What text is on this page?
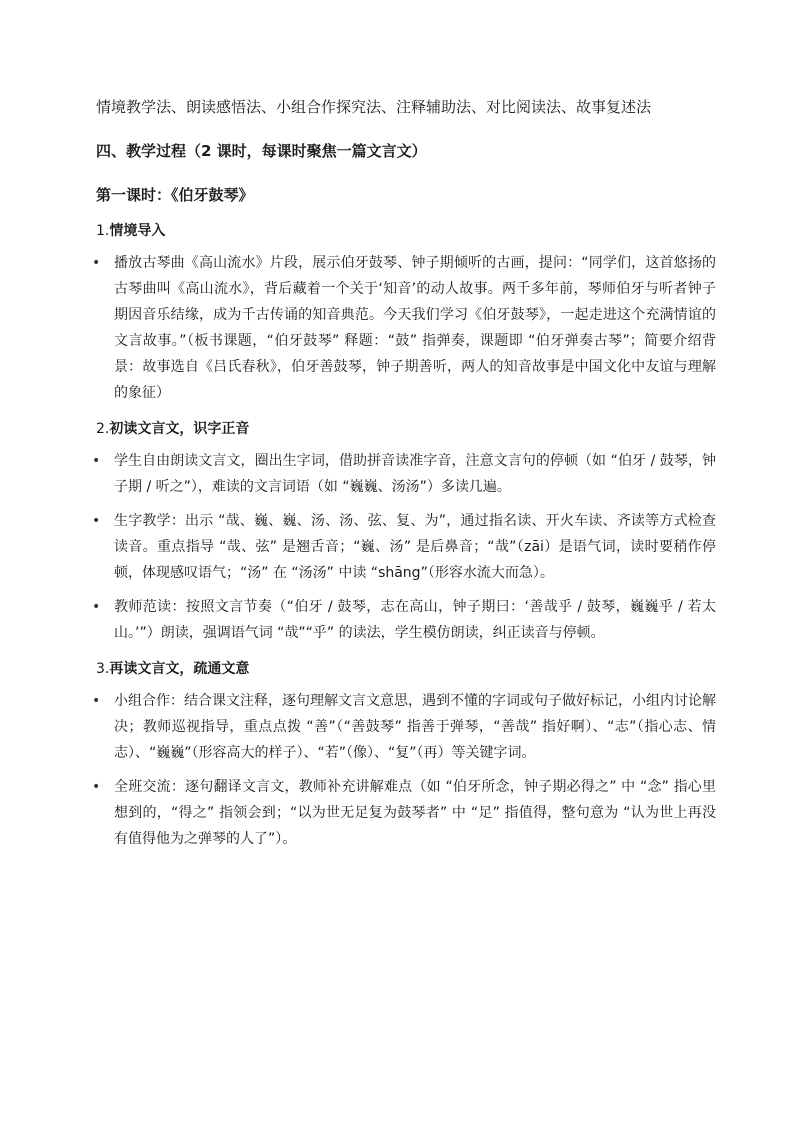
情境教学法、朗读感悟法、小组合作探究法、注释辅助法、对比阅读法、故事复述法

四、教学过程（2 课时，每课时聚焦一篇文言文）

第一课时：《伯牙鼓琴》

1.情境导入
• 播放古琴曲《高山流水》片段，展示伯牙鼓琴、钟子期倾听的古画，提问：“同学们，这首悠扬的古琴曲叫《高山流水》，背后藏着一个关于‘知音’的动人故事。两千多年前，琴师伯牙与听者钟子期因音乐结缘，成为千古传诵的知音典范。今天我们学习《伯牙鼓琴》，一起走进这个充满情谊的文言故事。”（板书课题，“伯牙鼓琴” 释题：“鼓” 指弹奏，课题即 “伯牙弹奏古琴”；简要介绍背景：故事选自《吕氏春秋》，伯牙善鼓琴，钟子期善听，两人的知音故事是中国文化中友谊与理解的象征）
2.初读文言文，识字正音
• 学生自由朗读文言文，圈出生字词，借助拼音读准字音，注意文言句的停顿（如 “伯牙 / 鼓琴，钟子期 / 听之”），难读的文言词语（如 “巍巍、汤汤”）多读几遍。
• 生字教学：出示 “哉、巍、巍、汤、汤、弦、复、为”，通过指名读、开火车读、齐读等方式检查读音。重点指导 “哉、弦” 是翘舌音；“巍、汤” 是后鼻音；“哉”（zāi）是语气词，读时要稍作停顿，体现感叹语气；“汤” 在 “汤汤” 中读 “shāng”（形容水流大而急）。
• 教师范读：按照文言节奏（“伯牙 / 鼓琴，志在高山，钟子期曰：‘善哉乎 / 鼓琴，巍巍乎 / 若太山。’”）朗读，强调语气词 “哉”“乎” 的读法，学生模仿朗读，纠正读音与停顿。
3.再读文言文，疏通文意
• 小组合作：结合课文注释，逐句理解文言文意思，遇到不懂的字词或句子做好标记，小组内讨论解决；教师巡视指导，重点点拨 “善”（“善鼓琴” 指善于弹琴，“善哉” 指好啊）、“志”（指心志、情志）、“巍巍”（形容高大的样子）、“若”（像）、“复”（再）等关键字词。
• 全班交流：逐句翻译文言文，教师补充讲解难点（如 “伯牙所念，钟子期必得之” 中 “念” 指心里想到的，“得之” 指领会到；“以为世无足复为鼓琴者” 中 “足” 指值得，整句意为 “认为世上再没有值得他为之弹琴的人了”）。
